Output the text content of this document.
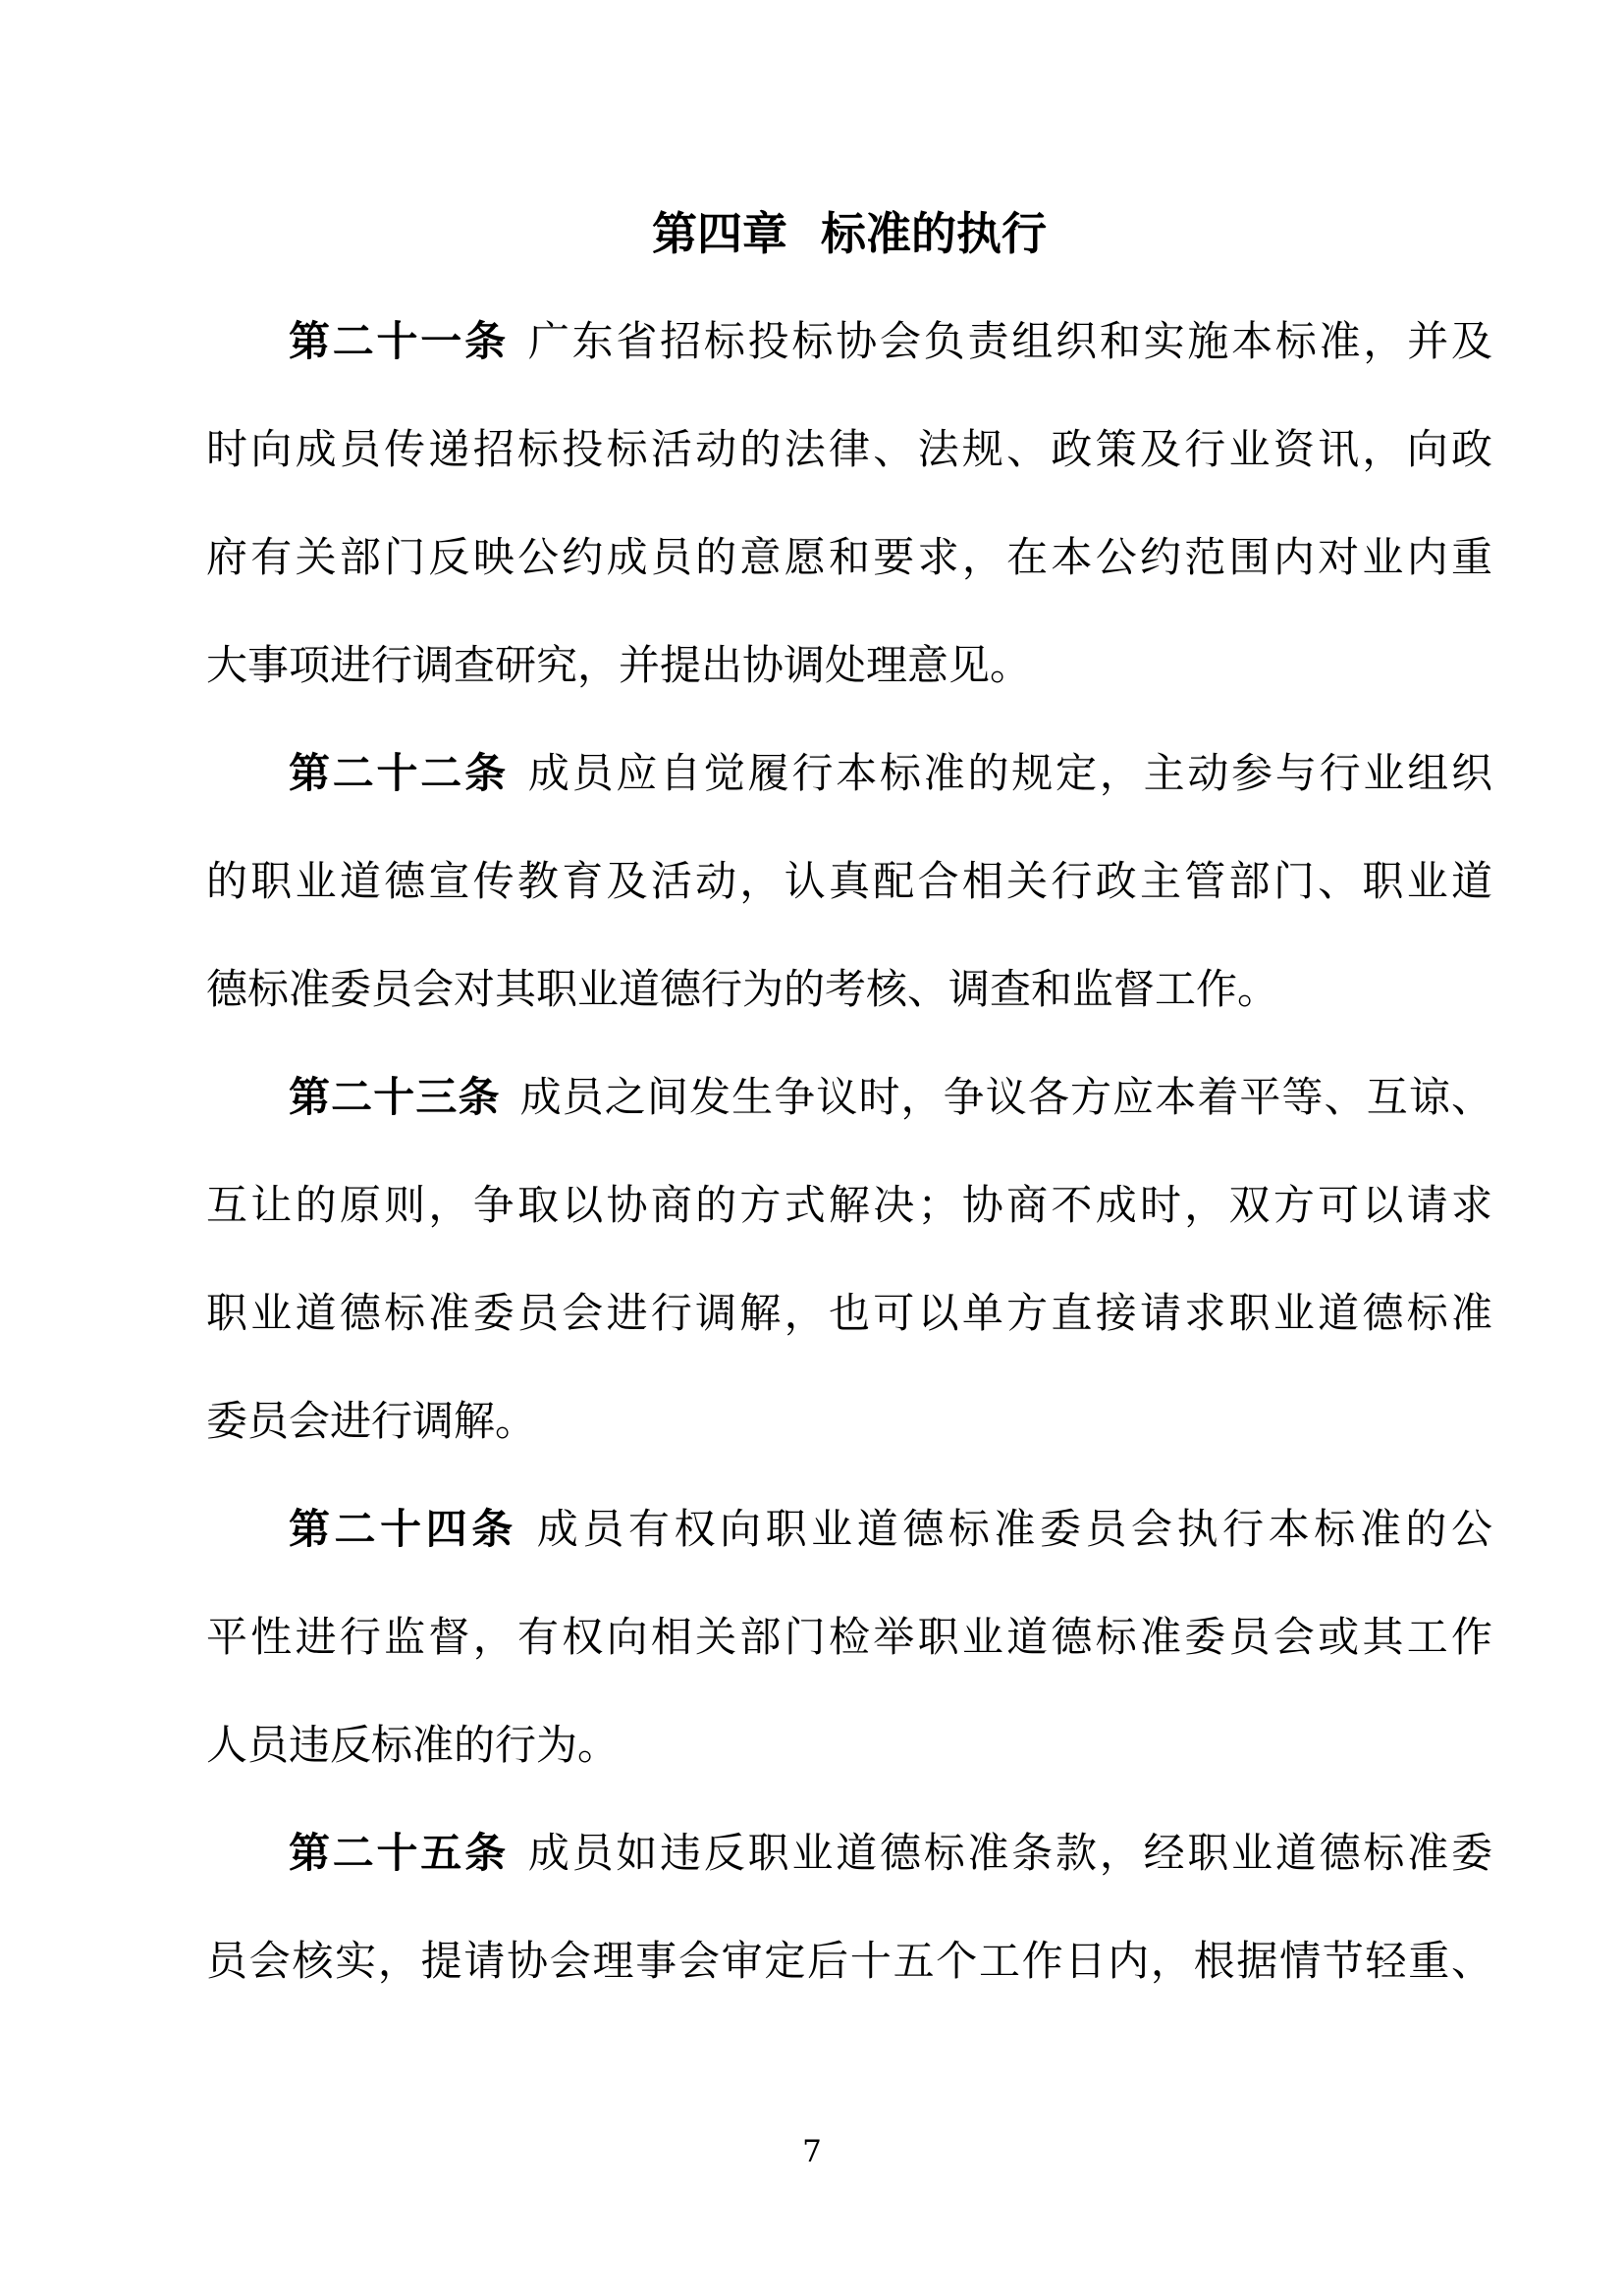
第四章 标准的执行
第二十一条 广东省招标投标协会负责组织和实施本标准，并及
时向成员传递招标投标活动的法律、法规、政策及行业资讯，向政
府有关部门反映公约成员的意愿和要求，在本公约范围内对业内重
大事项进行调查研究，并提出协调处理意见。
第二十二条 成员应自觉履行本标准的规定，主动参与行业组织
的职业道德宣传教育及活动，认真配合相关行政主管部门、职业道
德标准委员会对其职业道德行为的考核、调查和监督工作。
第二十三条 成员之间发生争议时，争议各方应本着平等、互谅、
互让的原则，争取以协商的方式解决；协商不成时，双方可以请求
职业道德标准委员会进行调解，也可以单方直接请求职业道德标准
委员会进行调解。
第二十四条 成员有权向职业道德标准委员会执行本标准的公
平性进行监督，有权向相关部门检举职业道德标准委员会或其工作
人员违反标准的行为。
第二十五条 成员如违反职业道德标准条款，经职业道德标准委
员会核实，提请协会理事会审定后十五个工作日内，根据情节轻重、
7
